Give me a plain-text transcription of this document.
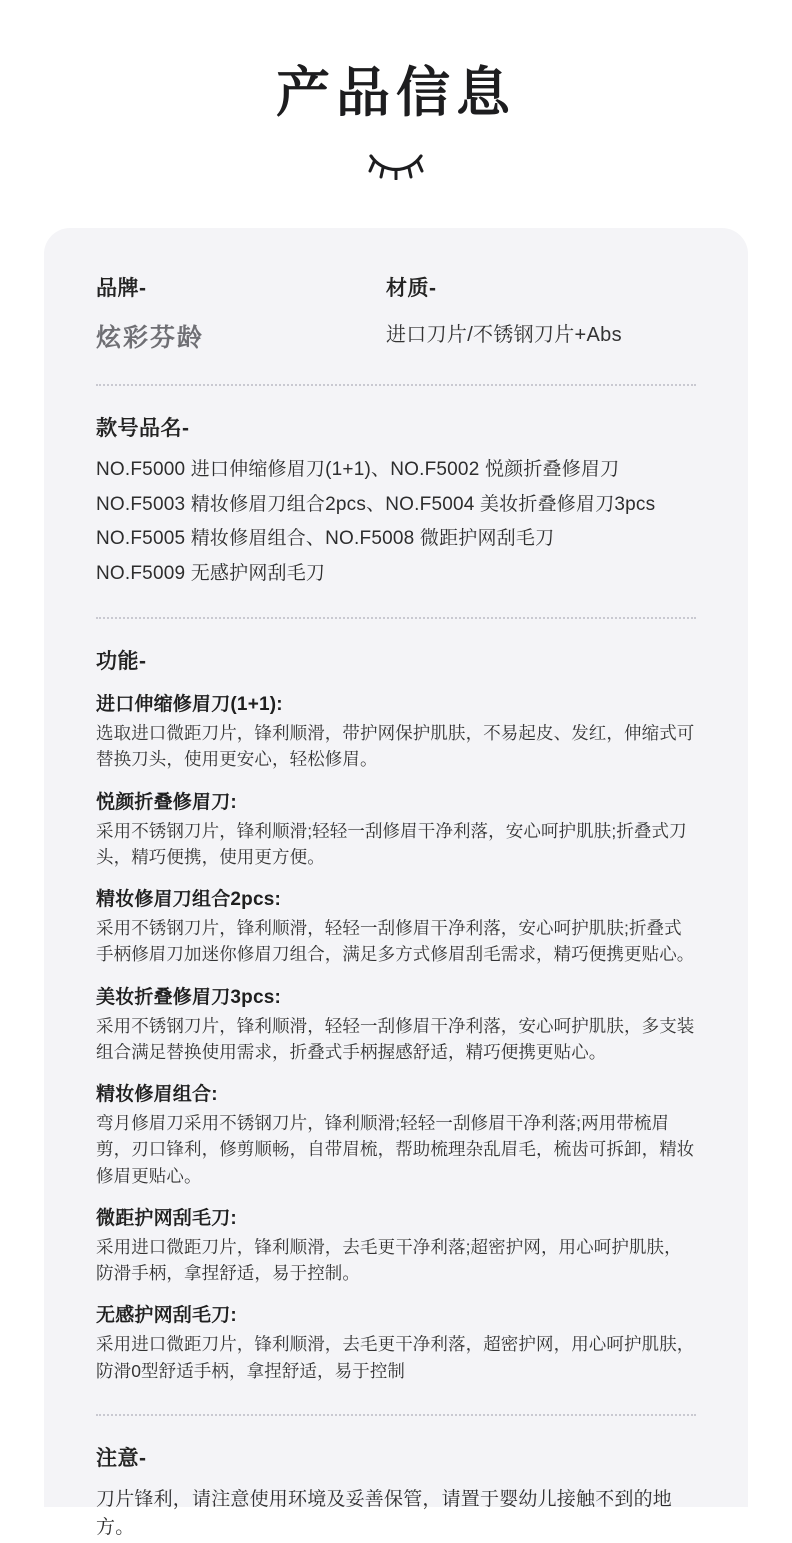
产品信息

品牌-

炫彩芬龄

材质-

进口刀片/不锈钢刀片+Abs

款号品名-

NO.F5000 进口伸缩修眉刀(1+1)、NO.F5002 悦颜折叠修眉刀

NO.F5003 精妆修眉刀组合2pcs、NO.F5004 美妆折叠修眉刀3pcs

NO.F5005 精妆修眉组合、NO.F5008 微距护网刮毛刀

NO.F5009 无感护网刮毛刀

功能-

进口伸缩修眉刀(1+1):

选取进口微距刀片，锋利顺滑，带护网保护肌肤，不易起皮、发红，伸缩式可替换刀头，使用更安心，轻松修眉。

悦颜折叠修眉刀:

采用不锈钢刀片，锋利顺滑;轻轻一刮修眉干净利落，安心呵护肌肤;折叠式刀头，精巧便携，使用更方便。

精妆修眉刀组合2pcs:

采用不锈钢刀片，锋利顺滑，轻轻一刮修眉干净利落，安心呵护肌肤;折叠式手柄修眉刀加迷你修眉刀组合，满足多方式修眉刮毛需求，精巧便携更贴心。

美妆折叠修眉刀3pcs:

采用不锈钢刀片，锋利顺滑，轻轻一刮修眉干净利落，安心呵护肌肤，多支装组合满足替换使用需求，折叠式手柄握感舒适，精巧便携更贴心。

精妆修眉组合:

弯月修眉刀采用不锈钢刀片，锋利顺滑;轻轻一刮修眉干净利落;两用带梳眉剪，刃口锋利，修剪顺畅，自带眉梳，帮助梳理杂乱眉毛，梳齿可拆卸，精妆修眉更贴心。

微距护网刮毛刀:

采用进口微距刀片，锋利顺滑，去毛更干净利落;超密护网，用心呵护肌肤，防滑手柄，拿捏舒适，易于控制。

无感护网刮毛刀:

采用进口微距刀片，锋利顺滑，去毛更干净利落，超密护网，用心呵护肌肤，防滑0型舒适手柄，拿捏舒适，易于控制

注意-

刀片锋利，请注意使用环境及妥善保管，请置于婴幼儿接触不到的地方。
